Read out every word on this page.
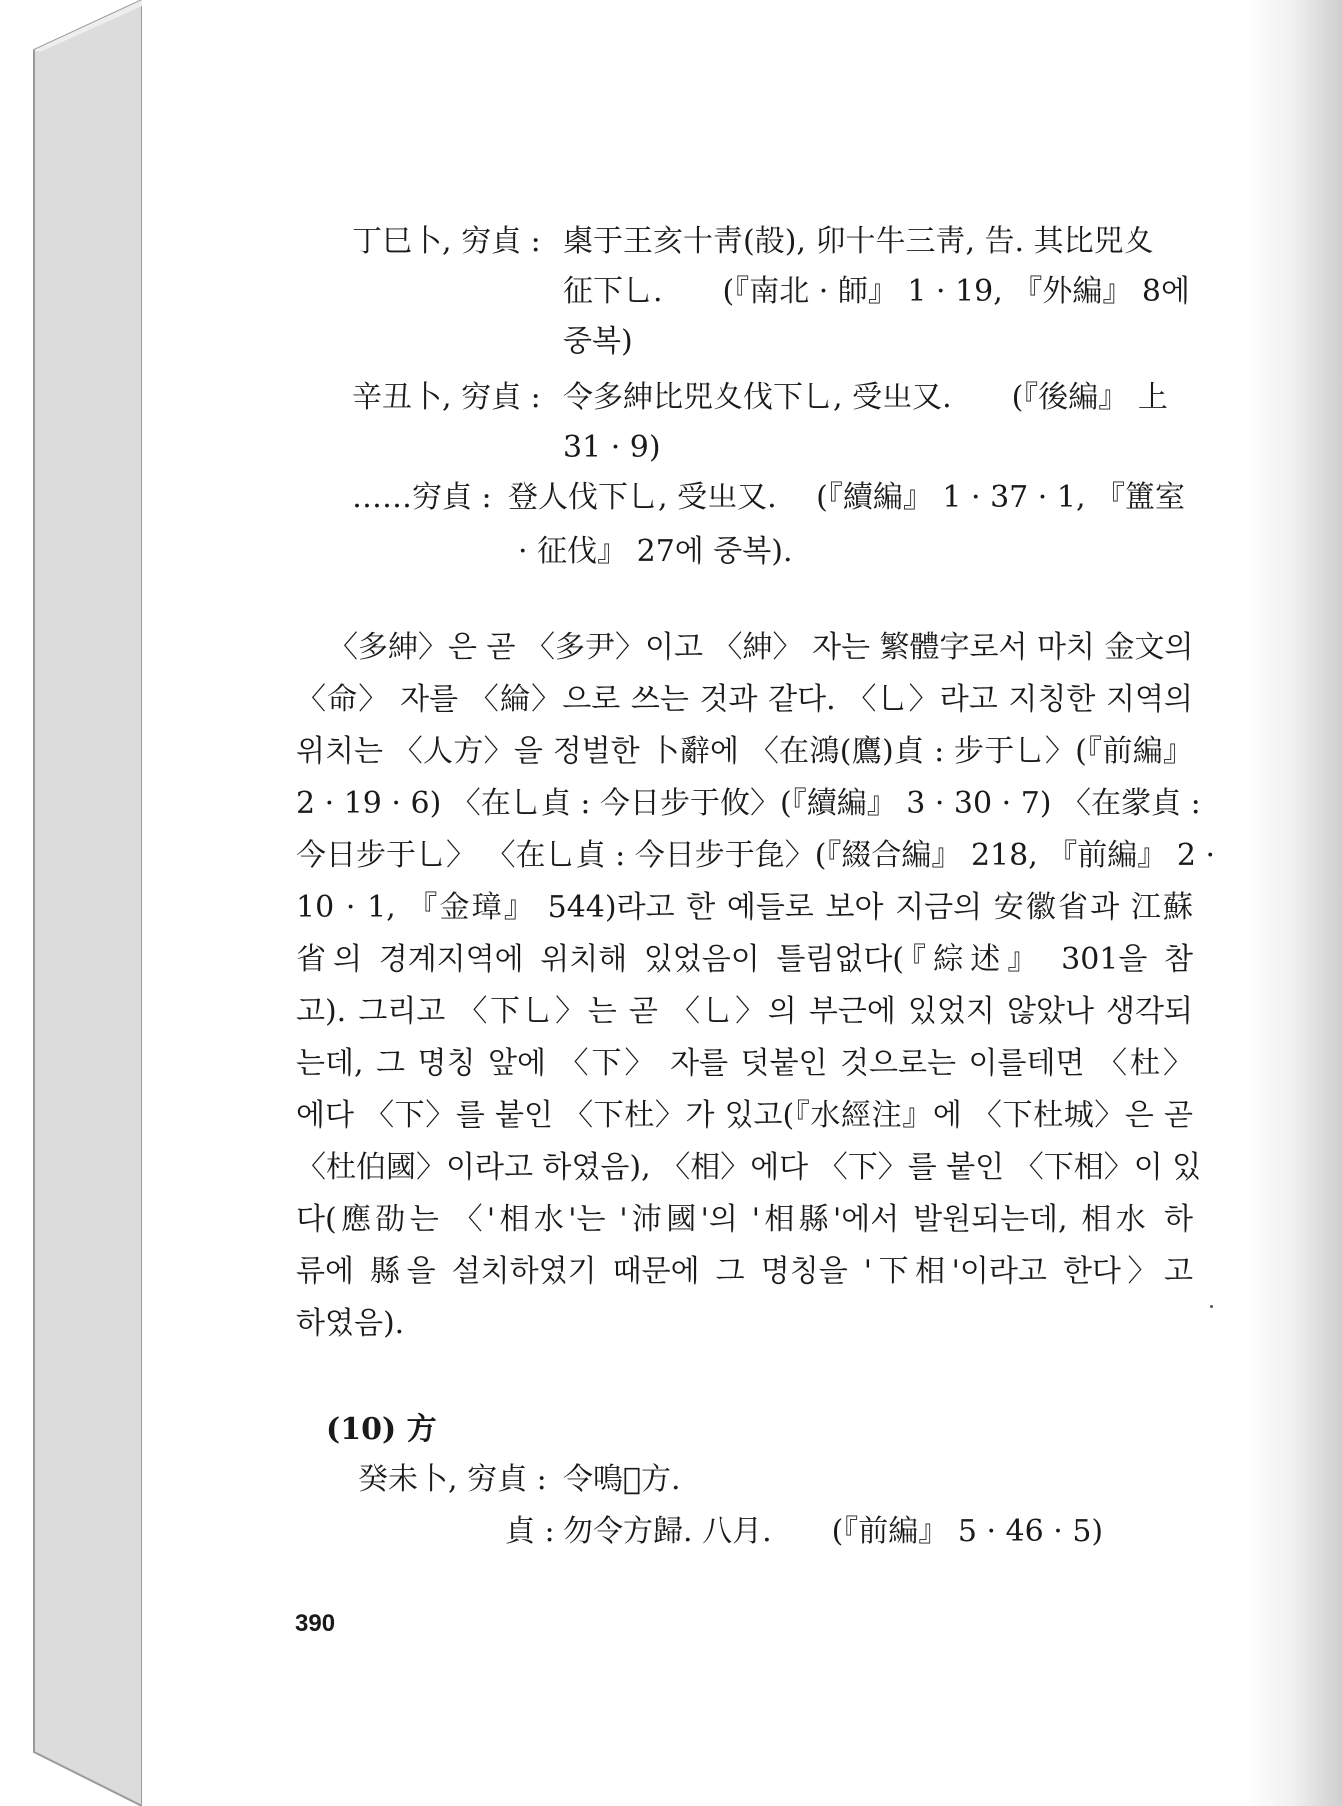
丁巳卜, 穷貞 : 㮚于王亥十靑(㱿), 卯十牛三靑, 告. 其比兕夊
征下乚.　　(『南北 · 師』 1 · 19, 『外編』 8에
중복)
辛丑卜, 穷貞 : 令多紳比兕夊伐下乚, 受㞢又.　　(『後編』 上
31 · 9)
……穷貞 : 登人伐下乚, 受㞢又.　 (『續編』 1 · 37 · 1, 『簠室
· 征伐』 27에 중복).
〈多紳〉은 곧 〈多尹〉이고 〈紳〉 자는 繁體字로서 마치 金文의
〈命〉 자를 〈綸〉으로 쓰는 것과 같다. 〈乚〉라고 지칭한 지역의
위치는 〈人方〉을 정벌한 卜辭에 〈在鴻(鷹)貞 : 步于乚〉(『前編』
2 · 19 · 6) 〈在乚貞 : 今日步于攸〉(『續編』 3 · 30 · 7) 〈在䝉貞 :
今日步于乚〉 〈在乚貞 : 今日步于㲋〉(『綴合編』 218, 『前編』 2 ·
10 · 1, 『金璋』 544)라고 한 예들로 보아 지금의 安徽省과 江蘇
省의 경계지역에 위치해 있었음이 틀림없다(『綜述』 301을 참
고). 그리고 〈下乚〉는 곧 〈乚〉의 부근에 있었지 않았나 생각되
는데, 그 명칭 앞에 〈下〉 자를 덧붙인 것으로는 이를테면 〈杜〉
에다 〈下〉를 붙인 〈下杜〉가 있고(『水經注』에 〈下杜城〉은 곧
〈杜伯國〉이라고 하였음), 〈相〉에다 〈下〉를 붙인 〈下相〉이 있
다(應劭는 〈'相水'는 '沛國'의 '相縣'에서 발원되는데, 相水 하
류에 縣을 설치하였기 때문에 그 명칭을 '下相'이라고 한다〉고
하였음).
(10) 方
癸未卜, 穷貞 : 令鳴𡦣方.
貞 : 勿令方歸. 八月.　　(『前編』 5 · 46 · 5)
390
